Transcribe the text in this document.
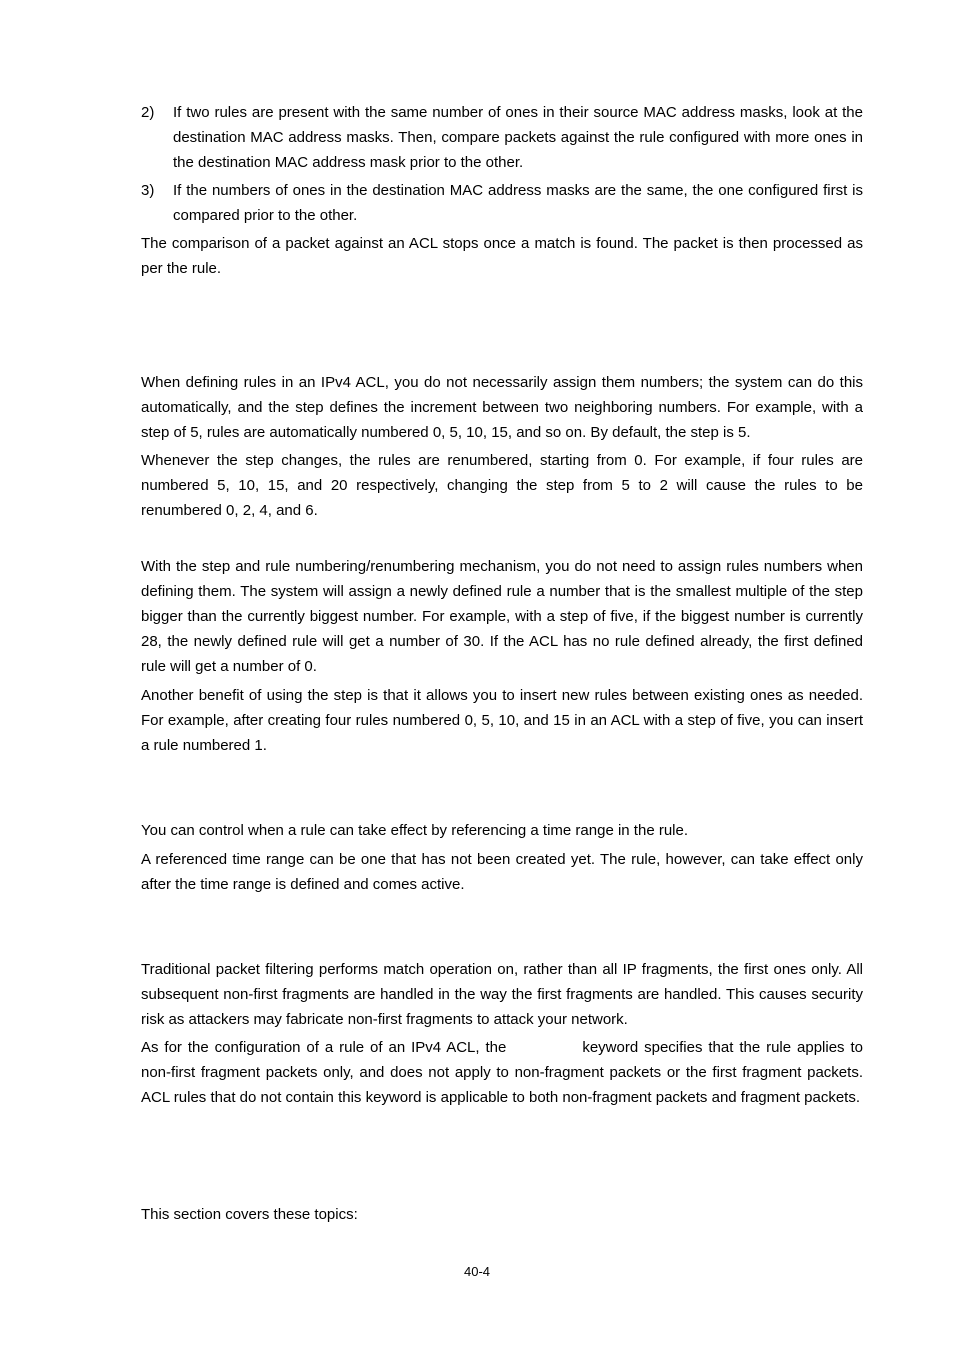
2)	If two rules are present with the same number of ones in their source MAC address masks, look at the destination MAC address masks. Then, compare packets against the rule configured with more ones in the destination MAC address mask prior to the other.
3)	If the numbers of ones in the destination MAC address masks are the same, the one configured first is compared prior to the other.

The comparison of a packet against an ACL stops once a match is found. The packet is then processed as per the rule.

When defining rules in an IPv4 ACL, you do not necessarily assign them numbers; the system can do this automatically, and the step defines the increment between two neighboring numbers. For example, with a step of 5, rules are automatically numbered 0, 5, 10, 15, and so on. By default, the step is 5.

Whenever the step changes, the rules are renumbered, starting from 0. For example, if four rules are numbered 5, 10, 15, and 20 respectively, changing the step from 5 to 2 will cause the rules to be renumbered 0, 2, 4, and 6.

With the step and rule numbering/renumbering mechanism, you do not need to assign rules numbers when defining them. The system will assign a newly defined rule a number that is the smallest multiple of the step bigger than the currently biggest number. For example, with a step of five, if the biggest number is currently 28, the newly defined rule will get a number of 30. If the ACL has no rule defined already, the first defined rule will get a number of 0.

Another benefit of using the step is that it allows you to insert new rules between existing ones as needed. For example, after creating four rules numbered 0, 5, 10, and 15 in an ACL with a step of five, you can insert a rule numbered 1.

You can control when a rule can take effect by referencing a time range in the rule.

A referenced time range can be one that has not been created yet. The rule, however, can take effect only after the time range is defined and comes active.

Traditional packet filtering performs match operation on, rather than all IP fragments, the first ones only. All subsequent non-first fragments are handled in the way the first fragments are handled. This causes security risk as attackers may fabricate non-first fragments to attack your network.

As for the configuration of a rule of an IPv4 ACL, the	keyword specifies that the rule applies to non-first fragment packets only, and does not apply to non-fragment packets or the first fragment packets. ACL rules that do not contain this keyword is applicable to both non-fragment packets and fragment packets.

This section covers these topics:

40-4
